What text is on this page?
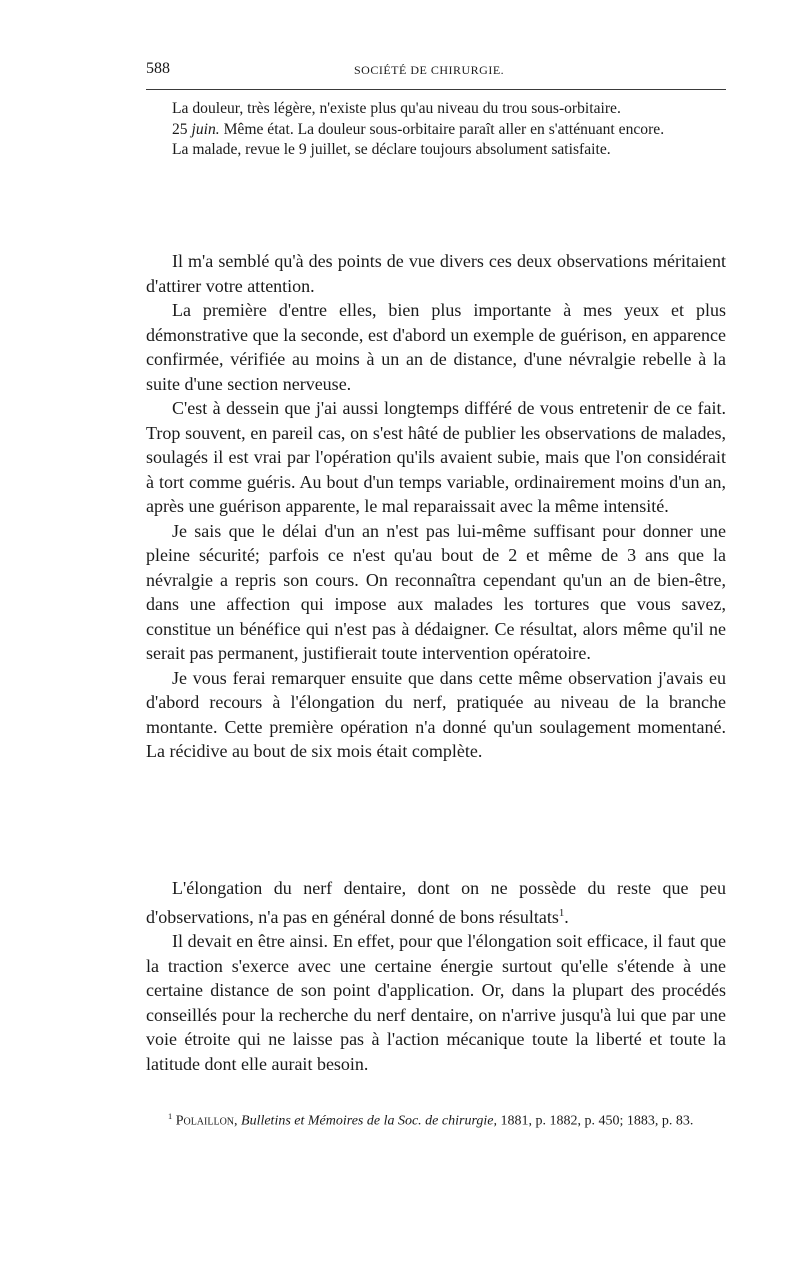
588	SOCIÉTÉ DE CHIRURGIE.

La douleur, très légère, n'existe plus qu'au niveau du trou sous-orbitaire.

25 juin. Même état. La douleur sous-orbitaire paraît aller en s'atténuant encore.

La malade, revue le 9 juillet, se déclare toujours absolument satisfaite.

Il m'a semblé qu'à des points de vue divers ces deux observations méritaient d'attirer votre attention.

La première d'entre elles, bien plus importante à mes yeux et plus démonstrative que la seconde, est d'abord un exemple de guérison, en apparence confirmée, vérifiée au moins à un an de distance, d'une névralgie rebelle à la suite d'une section nerveuse.

C'est à dessein que j'ai aussi longtemps différé de vous entretenir de ce fait. Trop souvent, en pareil cas, on s'est hâté de publier les observations de malades, soulagés il est vrai par l'opération qu'ils avaient subie, mais que l'on considérait à tort comme guéris. Au bout d'un temps variable, ordinairement moins d'un an, après une guérison apparente, le mal reparaissait avec la même intensité.

Je sais que le délai d'un an n'est pas lui-même suffisant pour donner une pleine sécurité; parfois ce n'est qu'au bout de 2 et même de 3 ans que la névralgie a repris son cours. On reconnaîtra cependant qu'un an de bien-être, dans une affection qui impose aux malades les tortures que vous savez, constitue un bénéfice qui n'est pas à dédaigner. Ce résultat, alors même qu'il ne serait pas permanent, justifierait toute intervention opératoire.

Je vous ferai remarquer ensuite que dans cette même observation j'avais eu d'abord recours à l'élongation du nerf, pratiquée au niveau de la branche montante. Cette première opération n'a donné qu'un soulagement momentané. La récidive au bout de six mois était complète.

L'élongation du nerf dentaire, dont on ne possède du reste que peu d'observations, n'a pas en général donné de bons résultats$^1$.

Il devait en être ainsi. En effet, pour que l'élongation soit efficace, il faut que la traction s'exerce avec une certaine énergie surtout qu'elle s'étende à une certaine distance de son point d'application. Or, dans la plupart des procédés conseillés pour la recherche du nerf dentaire, on n'arrive jusqu'à lui que par une voie étroite qui ne laisse pas à l'action mécanique toute la liberté et toute la latitude dont elle aurait besoin.

$^1$ Polaillon, Bulletins et Mémoires de la Soc. de chirurgie, 1881, p. 1882, p. 450; 1883, p. 83.
